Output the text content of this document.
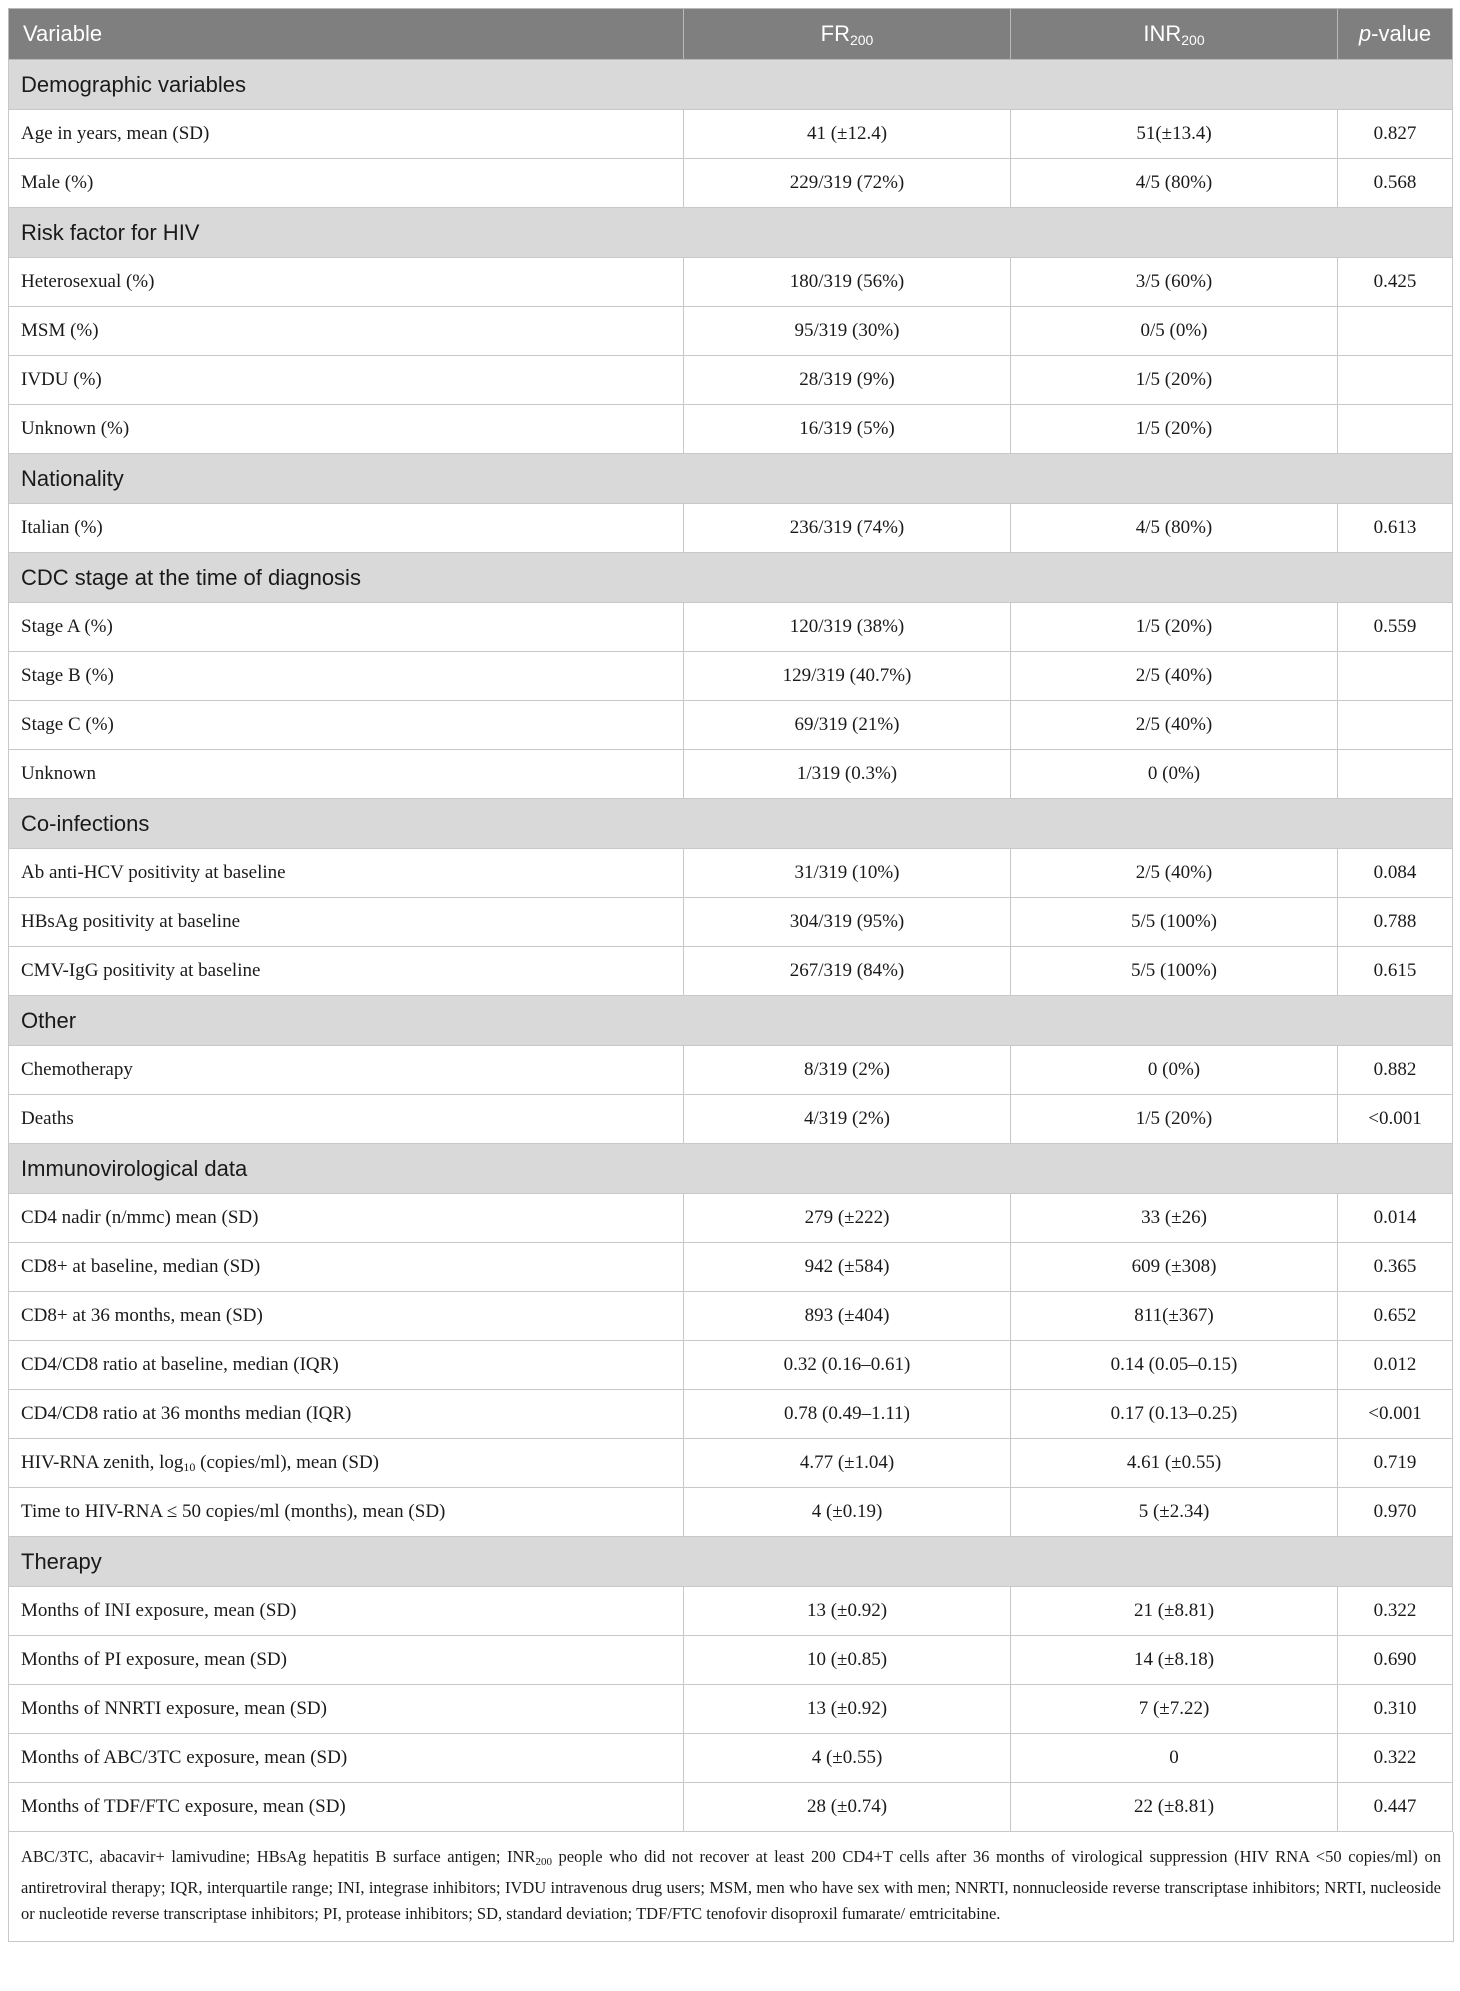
Variable	$FR_{200}$	$INR_{200}$	p-value
Demographic variables			
Age in years, mean (SD)	41 (±12.4)	51(±13.4)	0.827
Male (%)	229/319 (72%)	4/5 (80%)	0.568
Risk factor for HIV			
Heterosexual (%)	180/319 (56%)	3/5 (60%)	0.425
MSM (%)	95/319 (30%)	0/5 (0%)	
IVDU (%)	28/319 (9%)	1/5 (20%)	
Unknown (%)	16/319 (5%)	1/5 (20%)	
Nationality			
Italian (%)	236/319 (74%)	4/5 (80%)	0.613
CDC stage at the time of diagnosis			
Stage A (%)	120/319 (38%)	1/5 (20%)	0.559
Stage B (%)	129/319 (40.7%)	2/5 (40%)	
Stage C (%)	69/319 (21%)	2/5 (40%)	
Unknown	1/319 (0.3%)	0 (0%)	
Co-infections			
Ab anti-HCV positivity at baseline	31/319 (10%)	2/5 (40%)	0.084
HBsAg positivity at baseline	304/319 (95%)	5/5 (100%)	0.788
CMV-IgG positivity at baseline	267/319 (84%)	5/5 (100%)	0.615
Other			
Chemotherapy	8/319 (2%)	0 (0%)	0.882
Deaths	4/319 (2%)	1/5 (20%)	<0.001
Immunovirological data			
CD4 nadir (n/mmc) mean (SD)	279 (±222)	33 (±26)	0.014
CD8+ at baseline, median (SD)	942 (±584)	609 (±308)	0.365
CD8+ at 36 months, mean (SD)	893 (±404)	811(±367)	0.652
CD4/CD8 ratio at baseline, median (IQR)	0.32 (0.16–0.61)	0.14 (0.05–0.15)	0.012
CD4/CD8 ratio at 36 months median (IQR)	0.78 (0.49–1.11)	0.17 (0.13–0.25)	<0.001
HIV-RNA zenith, $\log_{10}$ (copies/ml), mean (SD)	4.77 (±1.04)	4.61 (±0.55)	0.719
Time to HIV-RNA ≤ 50 copies/ml (months), mean (SD)	4 (±0.19)	5 (±2.34)	0.970
Therapy			
Months of INI exposure, mean (SD)	13 (±0.92)	21 (±8.81)	0.322
Months of PI exposure, mean (SD)	10 (±0.85)	14 (±8.18)	0.690
Months of NNRTI exposure, mean (SD)	13 (±0.92)	7 (±7.22)	0.310
Months of ABC/3TC exposure, mean (SD)	4 (±0.55)	0	0.322
Months of TDF/FTC exposure, mean (SD)	28 (±0.74)	22 (±8.81)	0.447
ABC/3TC, abacavir+ lamivudine; HBsAg hepatitis B surface antigen; $INR_{200}$ people who did not recover at least 200 CD4+T cells after 36 months of virological suppression (HIV RNA <50 copies/ml) on antiretroviral therapy; IQR, interquartile range; INI, integrase inhibitors; IVDU intravenous drug users; MSM, men who have sex with men; NNRTI, nonnucleoside reverse transcriptase inhibitors; NRTI, nucleoside or nucleotide reverse transcriptase inhibitors; PI, protease inhibitors; SD, standard deviation; TDF/FTC tenofovir disoproxil fumarate/ emtricitabine.
